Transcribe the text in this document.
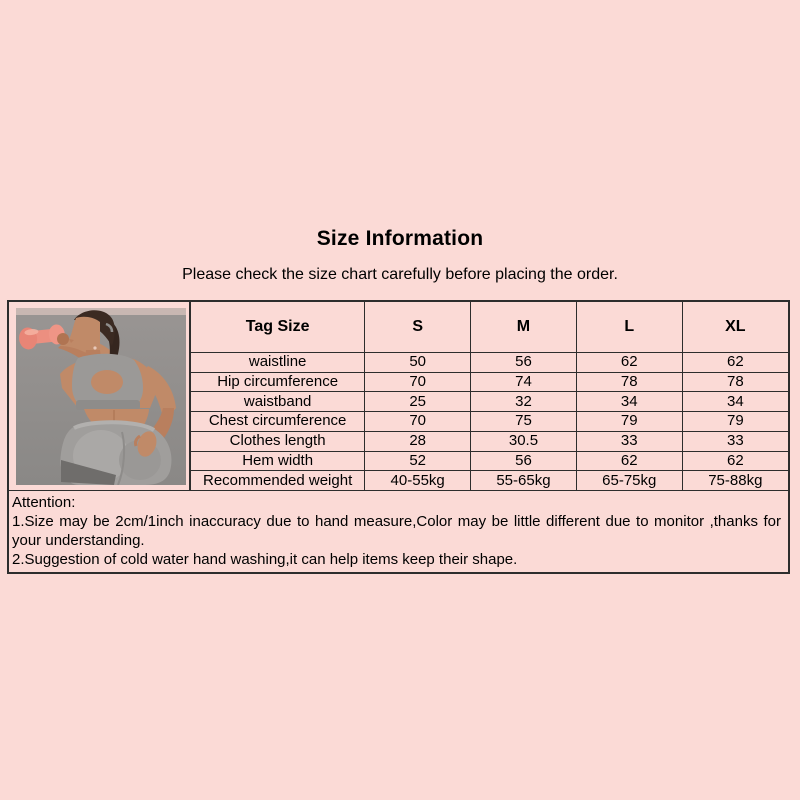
Size Information

Please check the size chart carefully before placing the order.

Tag Size	S	M	L	XL
waistline	50	56	62	62
Hip circumference	70	74	78	78
waistband	25	32	34	34
Chest circumference	70	75	79	79
Clothes length	28	30.5	33	33
Hem width	52	56	62	62
Recommended weight	40-55kg	55-65kg	65-75kg	75-88kg
Attention:
1.Size may be 2cm/1inch inaccuracy due to hand measure,Color may be little different due to monitor ,thanks for your understanding.
2.Suggestion of cold water hand washing,it can help items keep their shape.
